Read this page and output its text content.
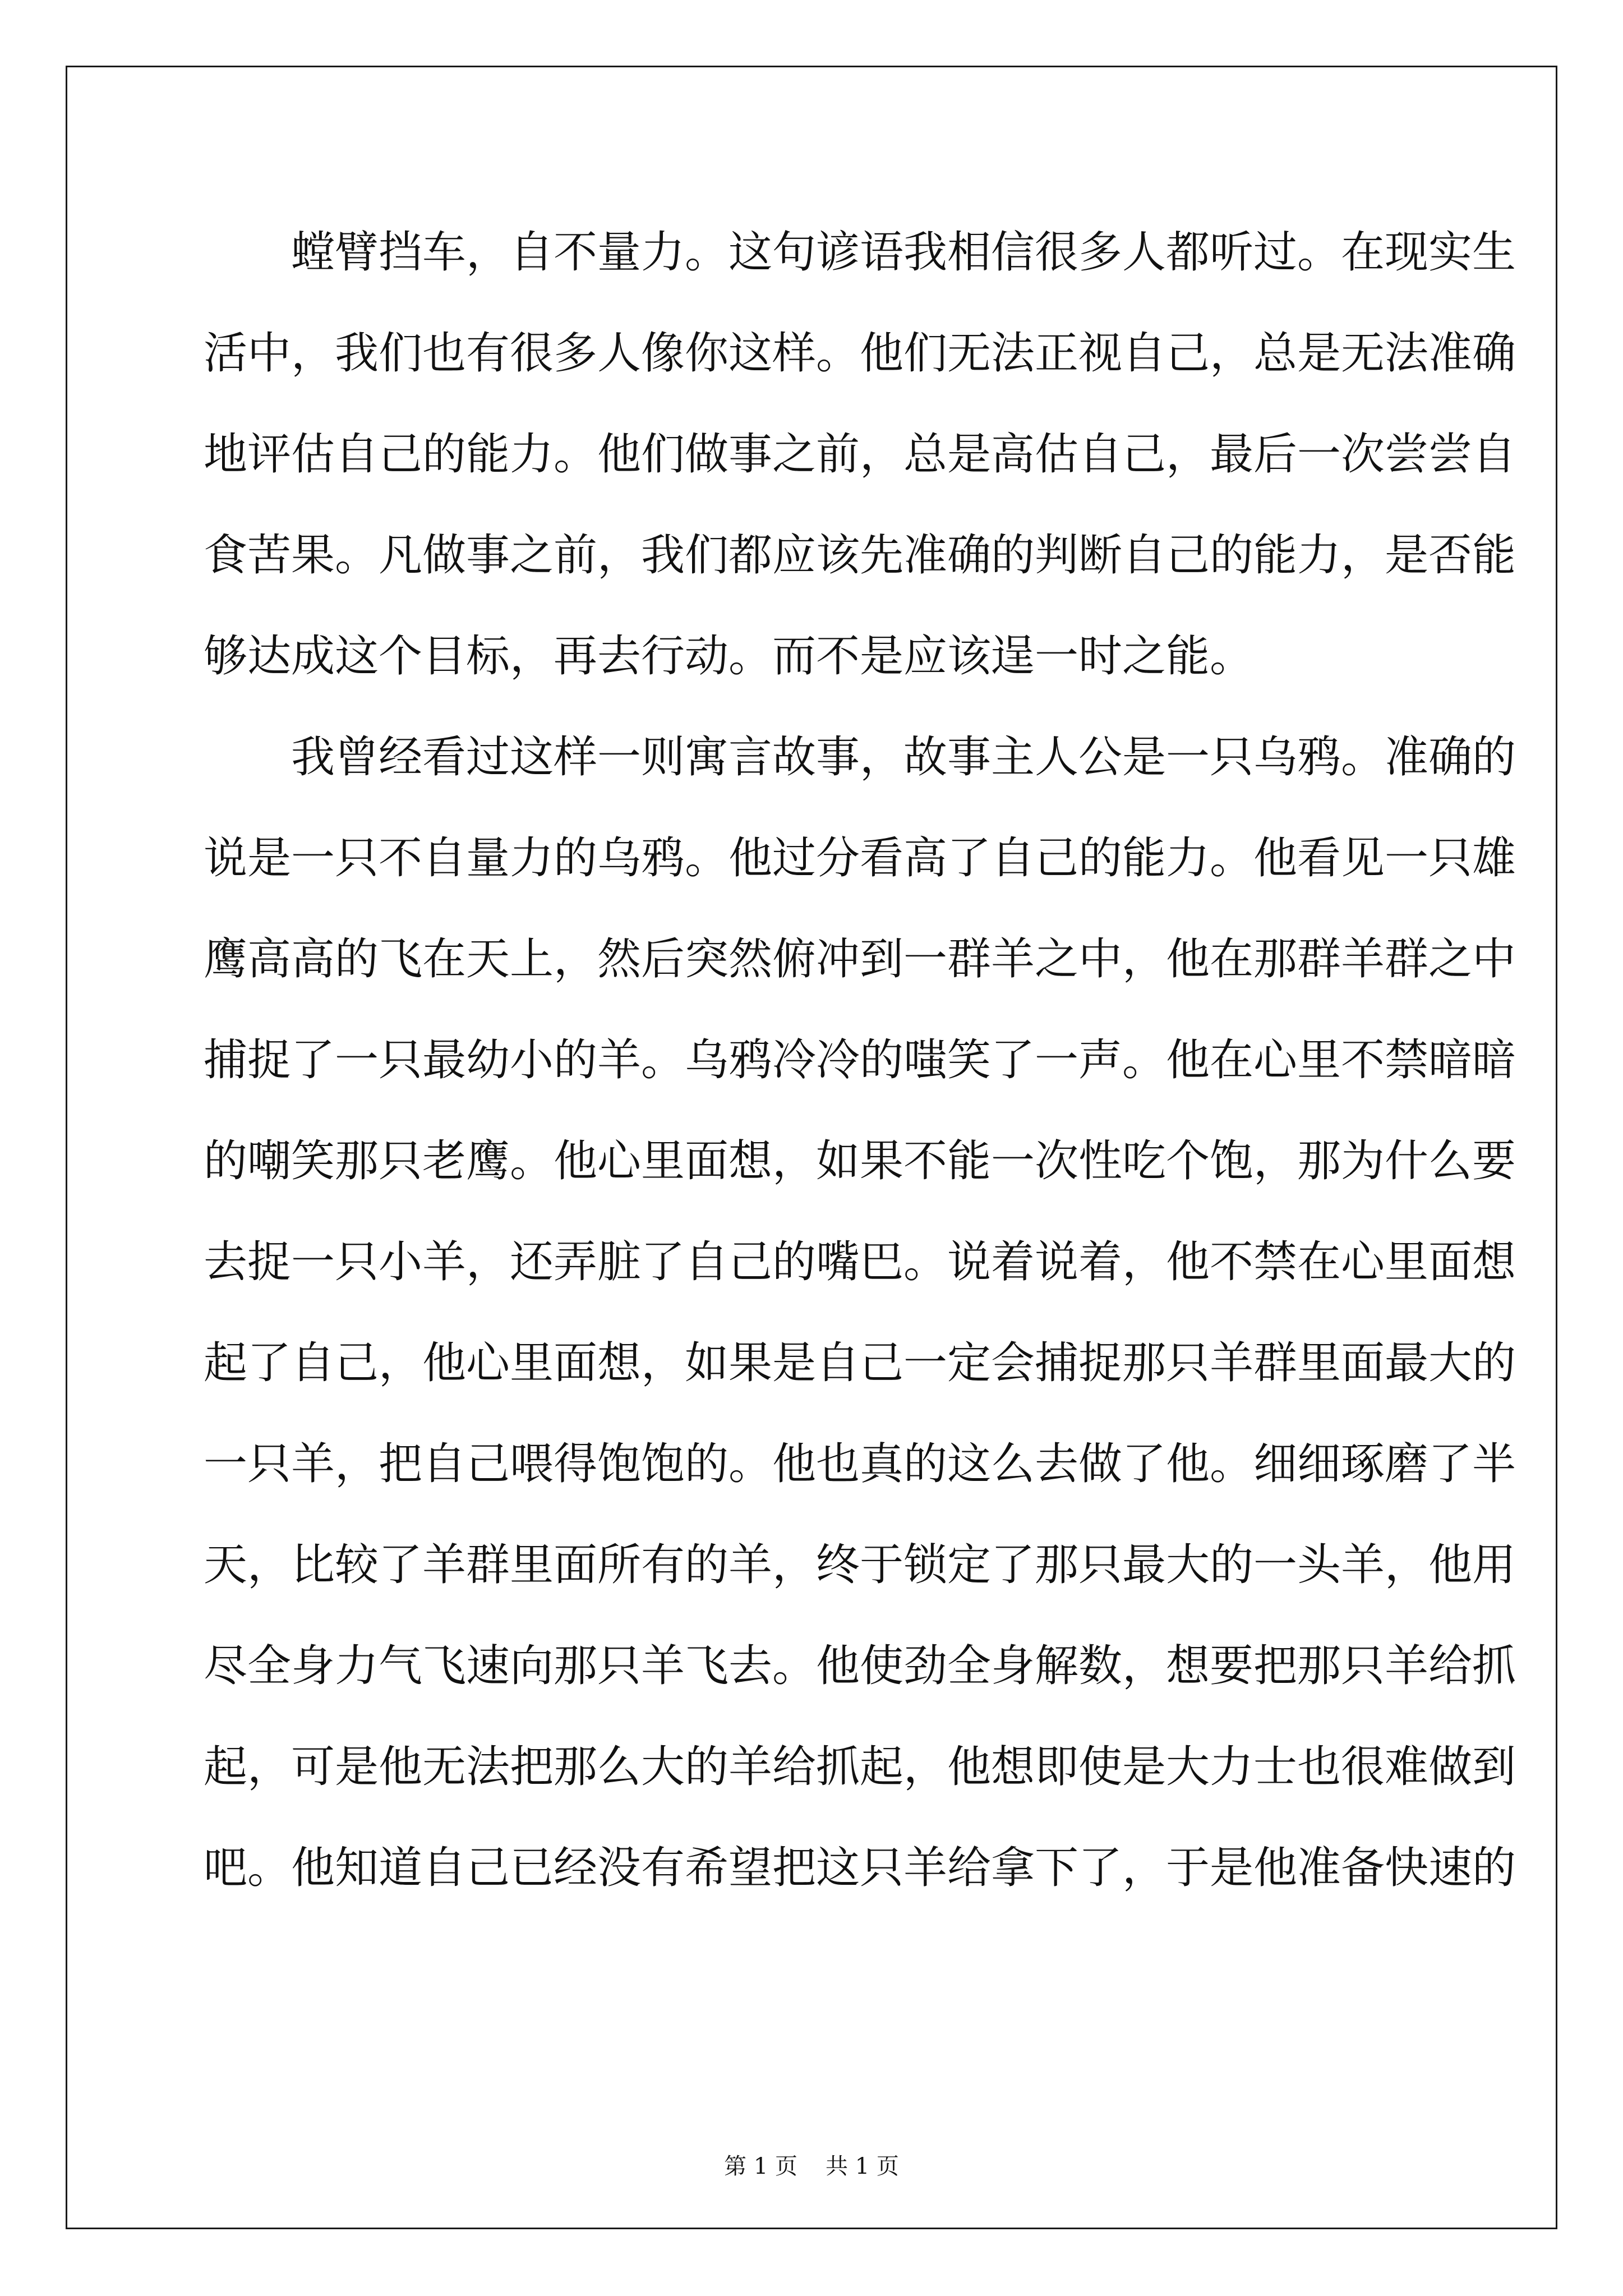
　　螳臂挡车，自不量力。这句谚语我相信很多人都听过。在现实生
活中，我们也有很多人像你这样。他们无法正视自己，总是无法准确
地评估自己的能力。他们做事之前，总是高估自己，最后一次尝尝自
食苦果。凡做事之前，我们都应该先准确的判断自己的能力，是否能
够达成这个目标，再去行动。而不是应该逞一时之能。
　　我曾经看过这样一则寓言故事，故事主人公是一只乌鸦。准确的
说是一只不自量力的乌鸦。他过分看高了自己的能力。他看见一只雄
鹰高高的飞在天上，然后突然俯冲到一群羊之中，他在那群羊群之中
捕捉了一只最幼小的羊。乌鸦冷冷的嗤笑了一声。他在心里不禁暗暗
的嘲笑那只老鹰。他心里面想，如果不能一次性吃个饱，那为什么要
去捉一只小羊，还弄脏了自己的嘴巴。说着说着，他不禁在心里面想
起了自己，他心里面想，如果是自己一定会捕捉那只羊群里面最大的
一只羊，把自己喂得饱饱的。他也真的这么去做了他。细细琢磨了半
天，比较了羊群里面所有的羊，终于锁定了那只最大的一头羊，他用
尽全身力气飞速向那只羊飞去。他使劲全身解数，想要把那只羊给抓
起，可是他无法把那么大的羊给抓起，他想即使是大力士也很难做到
吧。他知道自己已经没有希望把这只羊给拿下了，于是他准备快速的
第 1 页 共 1 页
